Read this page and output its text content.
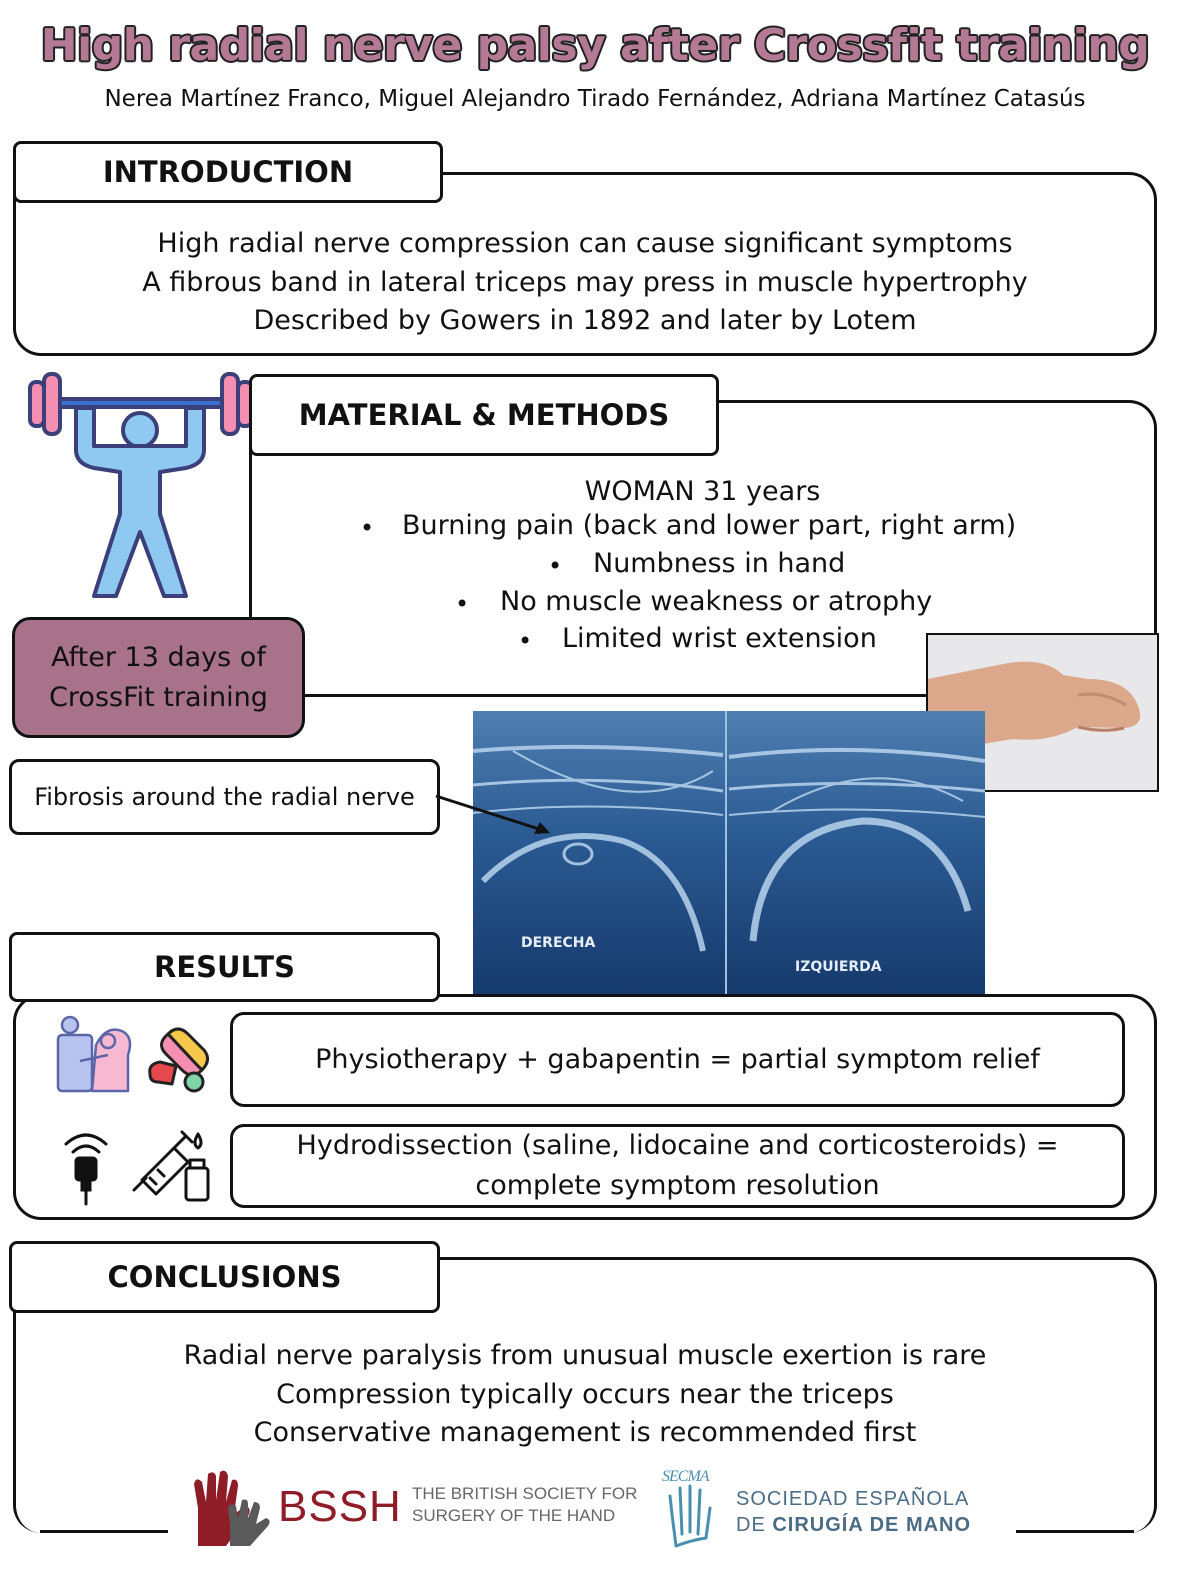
High radial nerve palsy after Crossfit training
Nerea Martínez Franco, Miguel Alejandro Tirado Fernández, Adriana Martínez Catasús
INTRODUCTION
High radial nerve compression can cause significant symptoms
A fibrous band in lateral triceps may press in muscle hypertrophy
Described by Gowers in 1892 and later by Lotem
MATERIAL & METHODS
WOMAN 31 years
• Burning pain (back and lower part, right arm)
• Numbness in hand
• No muscle weakness or atrophy
• Limited wrist extension
After 13 days of CrossFit training
DERECHA
IZQUIERDA
Fibrosis around the radial nerve
RESULTS
Physiotherapy + gabapentin = partial symptom relief
Hydrodissection (saline, lidocaine and corticosteroids) = complete symptom resolution
CONCLUSIONS
Radial nerve paralysis from unusual muscle exertion is rare
Compression typically occurs near the triceps
Conservative management is recommended first
BSSH THE BRITISH SOCIETY FOR
SURGERY OF THE HAND
SECMA
SOCIEDAD ESPAÑOLA
DE CIRUGÍA DE MANO
